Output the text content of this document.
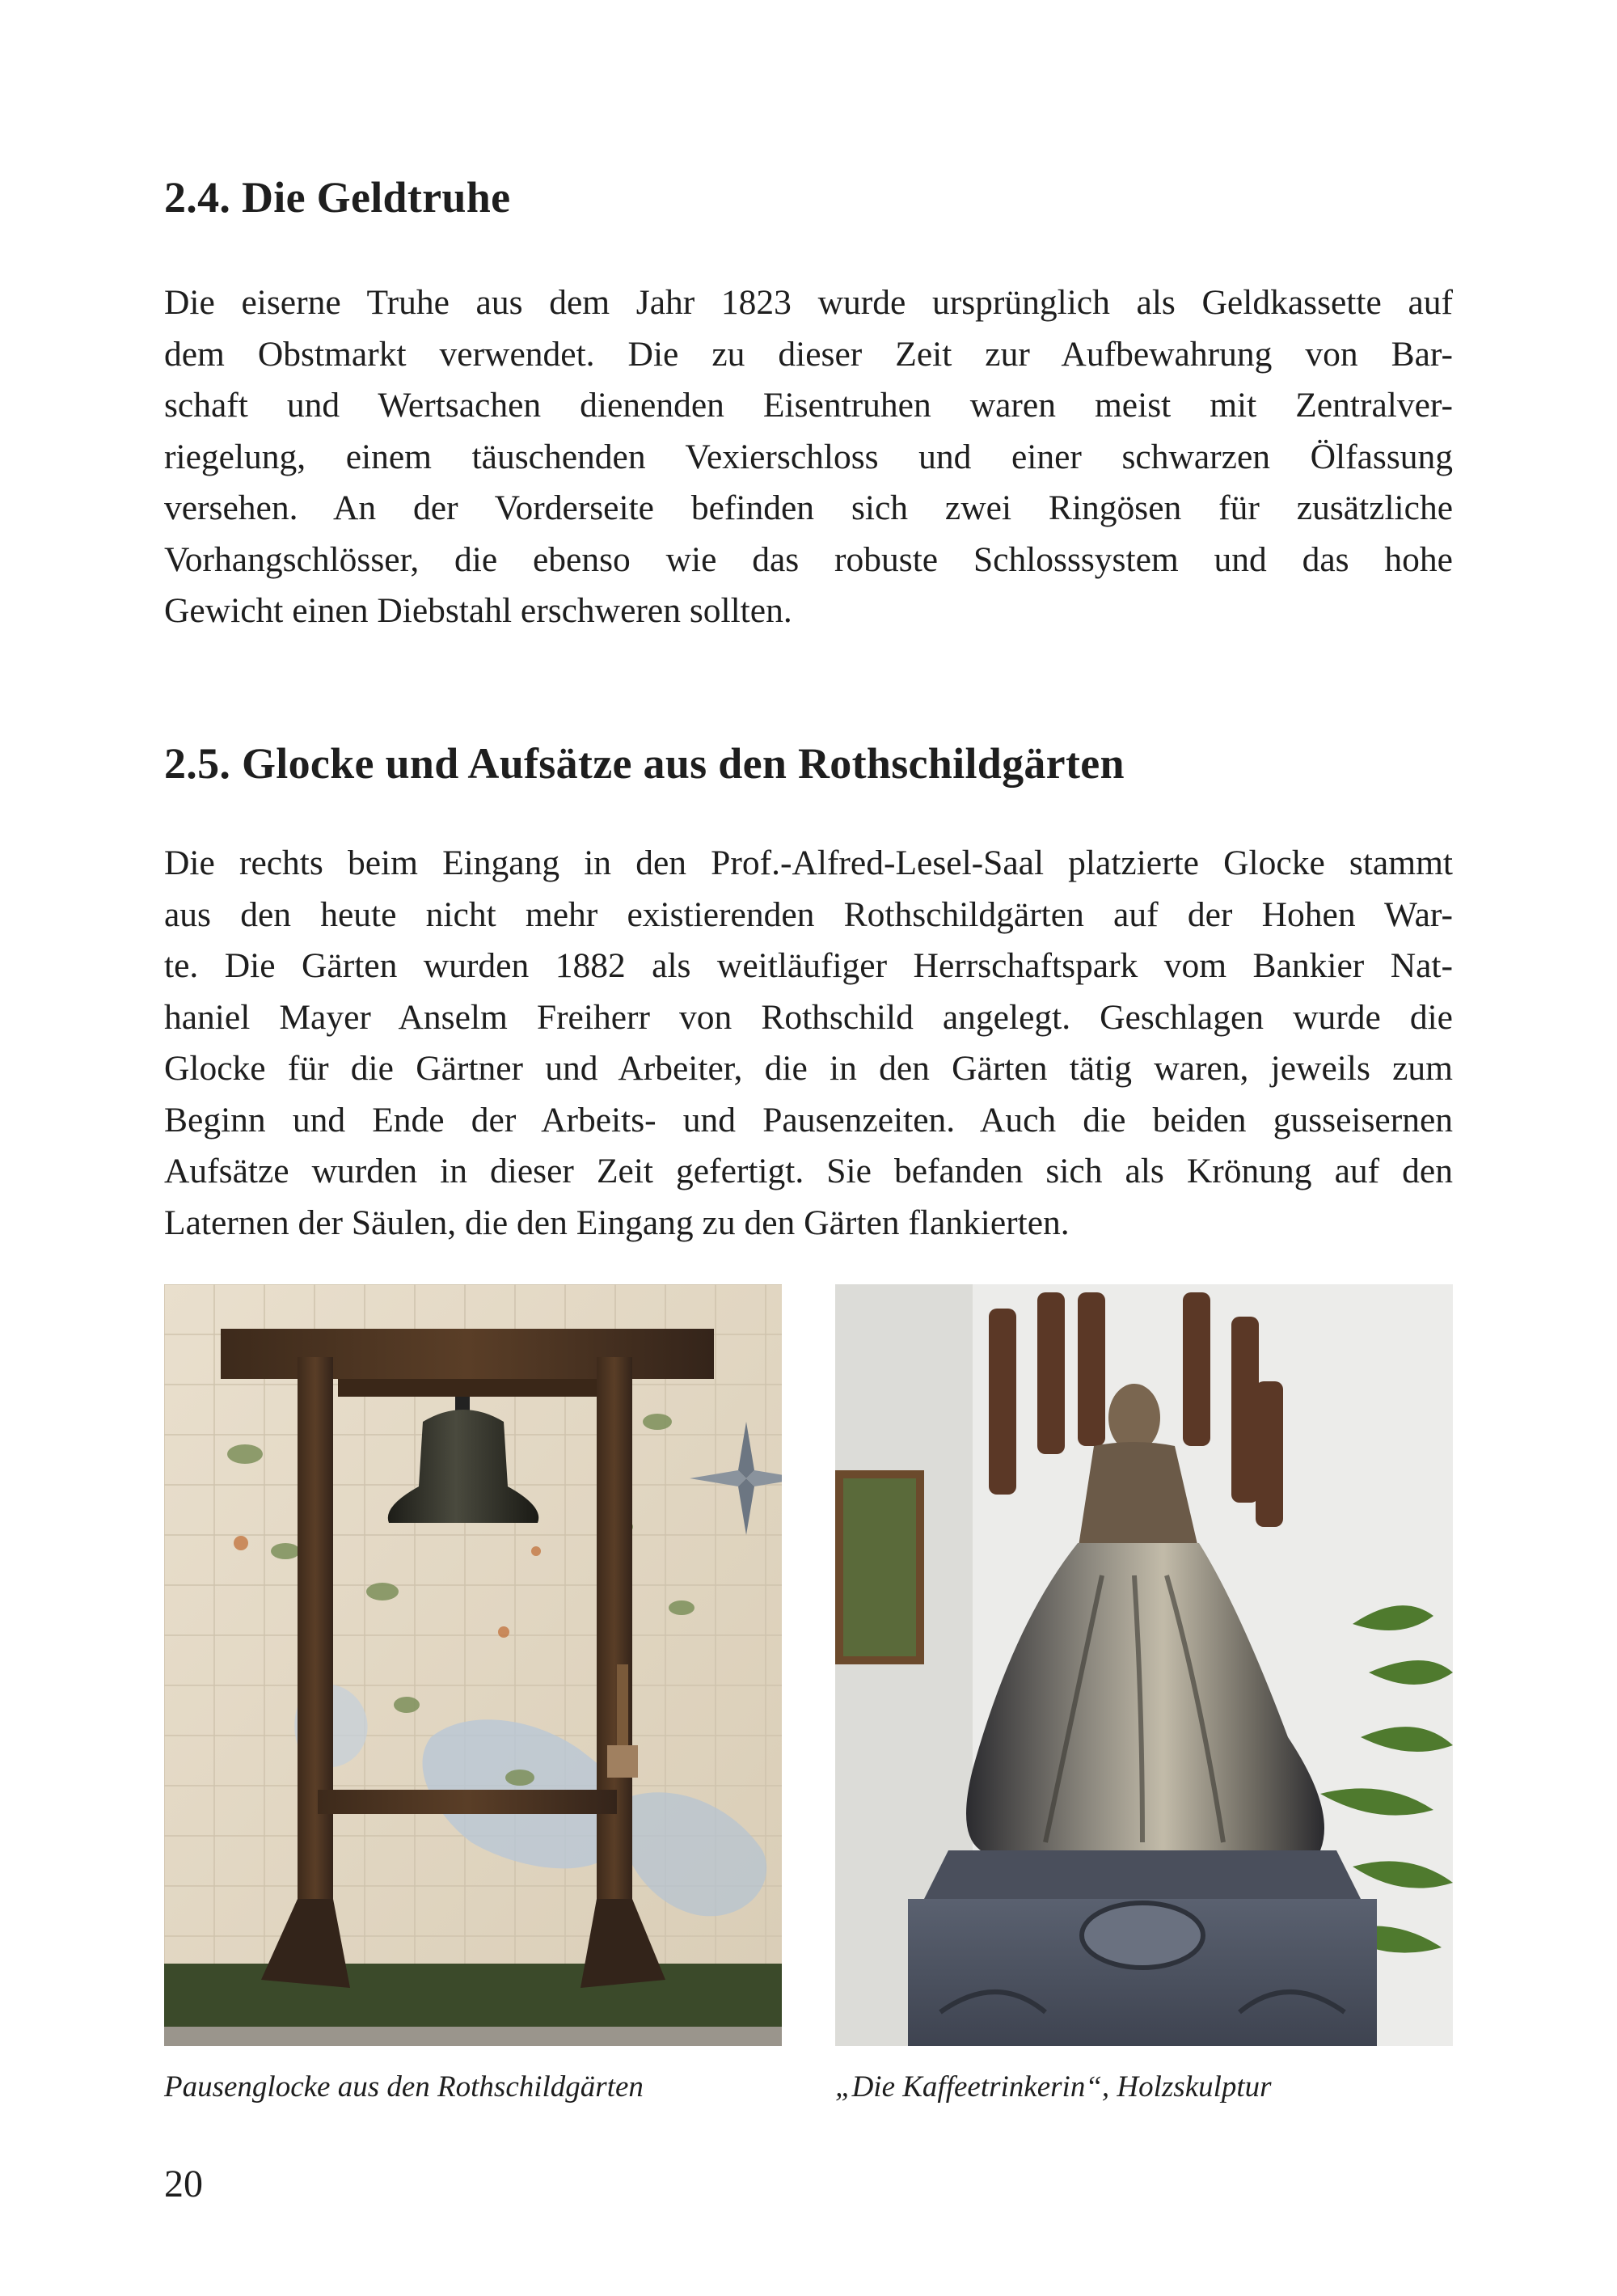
2.4. Die Geldtruhe

Die eiserne Truhe aus dem Jahr 1823 wurde ursprünglich als Geldkassette auf
dem Obstmarkt verwendet. Die zu dieser Zeit zur Aufbewahrung von Bar-
schaft und Wertsachen dienenden Eisentruhen waren meist mit Zentralver-
riegelung, einem täuschenden Vexierschloss und einer schwarzen Ölfassung
versehen. An der Vorderseite befinden sich zwei Ringösen für zusätzliche
Vorhangschlösser, die ebenso wie das robuste Schlosssystem und das hohe
Gewicht einen Diebstahl erschweren sollten.

2.5. Glocke und Aufsätze aus den Rothschildgärten

Die rechts beim Eingang in den Prof.-Alfred-Lesel-Saal platzierte Glocke stammt
aus den heute nicht mehr existierenden Rothschildgärten auf der Hohen War-
te. Die Gärten wurden 1882 als weitläufiger Herrschaftspark vom Bankier Nat-
haniel Mayer Anselm Freiherr von Rothschild angelegt. Geschlagen wurde die
Glocke für die Gärtner und Arbeiter, die in den Gärten tätig waren, jeweils zum
Beginn und Ende der Arbeits- und Pausenzeiten. Auch die beiden gusseisernen
Aufsätze wurden in dieser Zeit gefertigt. Sie befanden sich als Krönung auf den
Laternen der Säulen, die den Eingang zu den Gärten flankierten.

Pausenglocke aus den Rothschildgärten	„Die Kaffeetrinkerin“, Holzskulptur

20
